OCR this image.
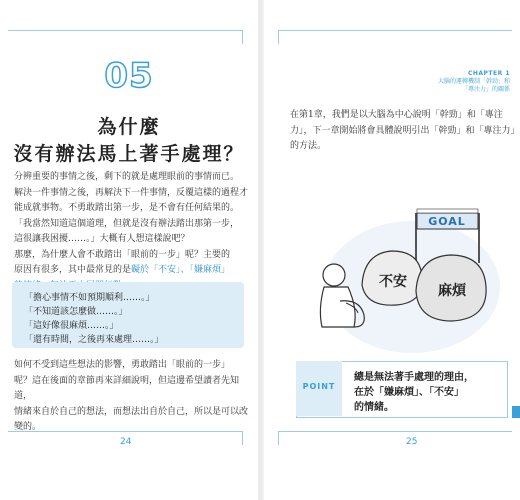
05
為什麼
沒有辦法馬上著手處理？
分辨重要的事情之後，剩下的就是處理眼前的事情而已。
解決一件事情之後，再解決下一件事情，反覆這樣的過程才
能成就事物。不勇敢踏出第一步，是不會有任何結果的。
「我當然知道這個道理，但就是沒有辦法踏出那第一步，
這很讓我困擾……。」大概有人想這樣說吧？
那麼，為什麼人會不敢踏出「眼前的一步」呢？主要的
原因有很多，其中最常見的是礙於「不安」、「嫌麻煩」
「擔心事情不如預期順利……。」
「不知道該怎麼做……。」
「這好像很麻煩……。」
「還有時間，之後再來處理……。」
如何不受到這些想法的影響，勇敢踏出「眼前的一步」
呢？這在後面的章節再來詳細說明，但這邊希望讀者先知道，
情緒來自於自己的想法，而想法出自於自己，所以是可以改
變的。
24
CHAPTER 1
大腦的運轉機制「幹勁」和
「專注力」的關係
在第1章，我們是以大腦為中心說明「幹勁」和「專注
力」，下一章開始將會具體說明引出「幹勁」和「專注力」
的方法。
GOAL
不安
麻煩
POINT
總是無法著手處理的理由，
在於「嫌麻煩」、「不安」
的情緒。
25
